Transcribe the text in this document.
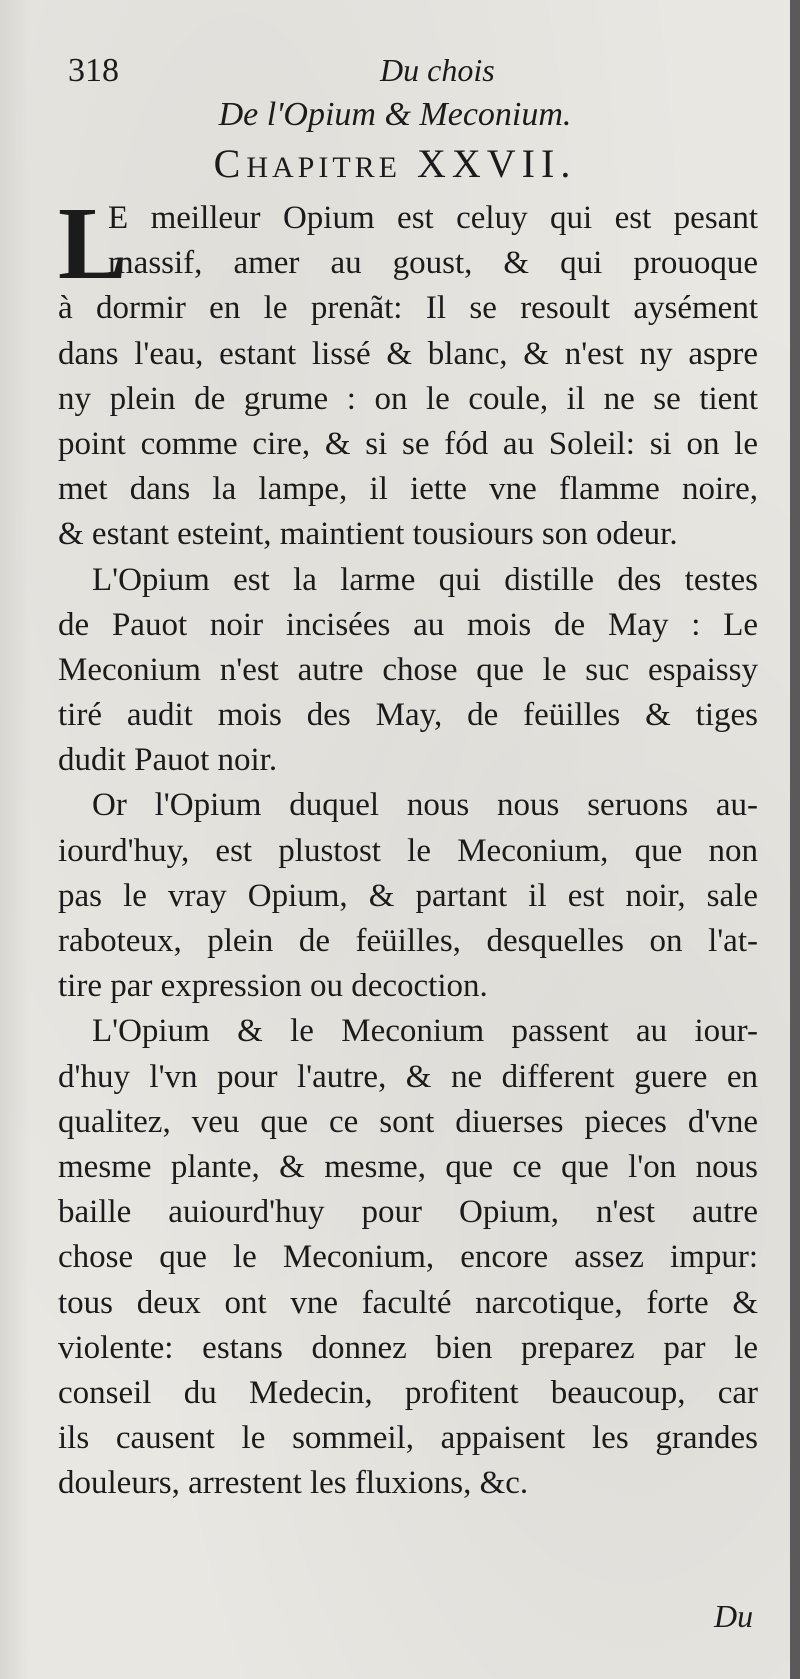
318	Du chois
De l'Opium & Meconium.
CHAPITRE XXVII.
L
E meilleur Opium est celuy qui est pesant
massif, amer au goust, & qui prouoque
à dormir en le prenãt: Il se resoult aysément
dans l'eau, estant lissé & blanc, & n'est ny aspre
ny plein de grume : on le coule, il ne se tient
point comme cire, & si se fód au Soleil: si on le
met dans la lampe, il iette vne flamme noire,
& estant esteint, maintient tousiours son odeur.
L'Opium est la larme qui distille des testes
de Pauot noir incisées au mois de May : Le
Meconium n'est autre chose que le suc espaissy
tiré audit mois des May, de feüilles & tiges
dudit Pauot noir.
Or l'Opium duquel nous nous seruons au-
iourd'huy, est plustost le Meconium, que non
pas le vray Opium, & partant il est noir, sale
raboteux, plein de feüilles, desquelles on l'at-
tire par expression ou decoction.
L'Opium & le Meconium passent au iour-
d'huy l'vn pour l'autre, & ne different guere en
qualitez, veu que ce sont diuerses pieces d'vne
mesme plante, & mesme, que ce que l'on nous
baille auiourd'huy pour Opium, n'est autre
chose que le Meconium, encore assez impur:
tous deux ont vne faculté narcotique, forte &
violente: estans donnez bien preparez par le
conseil du Medecin, profitent beaucoup, car
ils causent le sommeil, appaisent les grandes
douleurs, arrestent les fluxions, &c.
Du
